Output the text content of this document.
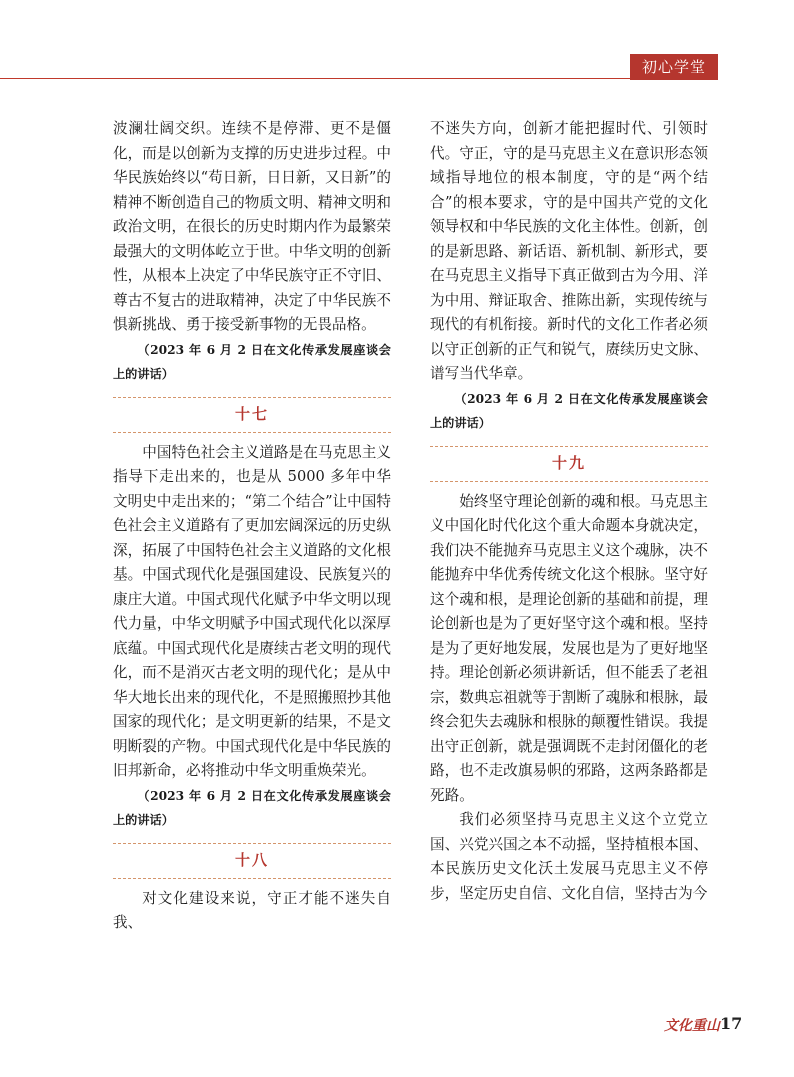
初心学堂

波澜壮阔交织。连续不是停滞、更不是僵化，而是以创新为支撑的历史进步过程。中华民族始终以“苟日新，日日新，又日新”的精神不断创造自己的物质文明、精神文明和政治文明，在很长的历史时期内作为最繁荣最强大的文明体屹立于世。中华文明的创新性，从根本上决定了中华民族守正不守旧、尊古不复古的进取精神，决定了中华民族不惧新挑战、勇于接受新事物的无畏品格。

（2023 年 6 月 2 日在文化传承发展座谈会上的讲话）

十七

中国特色社会主义道路是在马克思主义指导下走出来的，也是从 5000 多年中华文明史中走出来的；“第二个结合”让中国特色社会主义道路有了更加宏阔深远的历史纵深，拓展了中国特色社会主义道路的文化根基。中国式现代化是强国建设、民族复兴的康庄大道。中国式现代化赋予中华文明以现代力量，中华文明赋予中国式现代化以深厚底蕴。中国式现代化是赓续古老文明的现代化，而不是消灭古老文明的现代化；是从中华大地长出来的现代化，不是照搬照抄其他国家的现代化；是文明更新的结果，不是文明断裂的产物。中国式现代化是中华民族的旧邦新命，必将推动中华文明重焕荣光。

（2023 年 6 月 2 日在文化传承发展座谈会上的讲话）

十八

对文化建设来说，守正才能不迷失自我、

不迷失方向，创新才能把握时代、引领时代。守正，守的是马克思主义在意识形态领域指导地位的根本制度，守的是“两个结合”的根本要求，守的是中国共产党的文化领导权和中华民族的文化主体性。创新，创的是新思路、新话语、新机制、新形式，要在马克思主义指导下真正做到古为今用、洋为中用、辩证取舍、推陈出新，实现传统与现代的有机衔接。新时代的文化工作者必须以守正创新的正气和锐气，赓续历史文脉、谱写当代华章。

（2023 年 6 月 2 日在文化传承发展座谈会上的讲话）

十九

始终坚守理论创新的魂和根。马克思主义中国化时代化这个重大命题本身就决定，我们决不能抛弃马克思主义这个魂脉，决不能抛弃中华优秀传统文化这个根脉。坚守好这个魂和根，是理论创新的基础和前提，理论创新也是为了更好坚守这个魂和根。坚持是为了更好地发展，发展也是为了更好地坚持。理论创新必须讲新话，但不能丢了老祖宗，数典忘祖就等于割断了魂脉和根脉，最终会犯失去魂脉和根脉的颠覆性错误。我提出守正创新，就是强调既不走封闭僵化的老路，也不走改旗易帜的邪路，这两条路都是死路。

我们必须坚持马克思主义这个立党立国、兴党兴国之本不动摇，坚持植根本国、本民族历史文化沃土发展马克思主义不停步，坚定历史自信、文化自信，坚持古为今

文化重山 17
